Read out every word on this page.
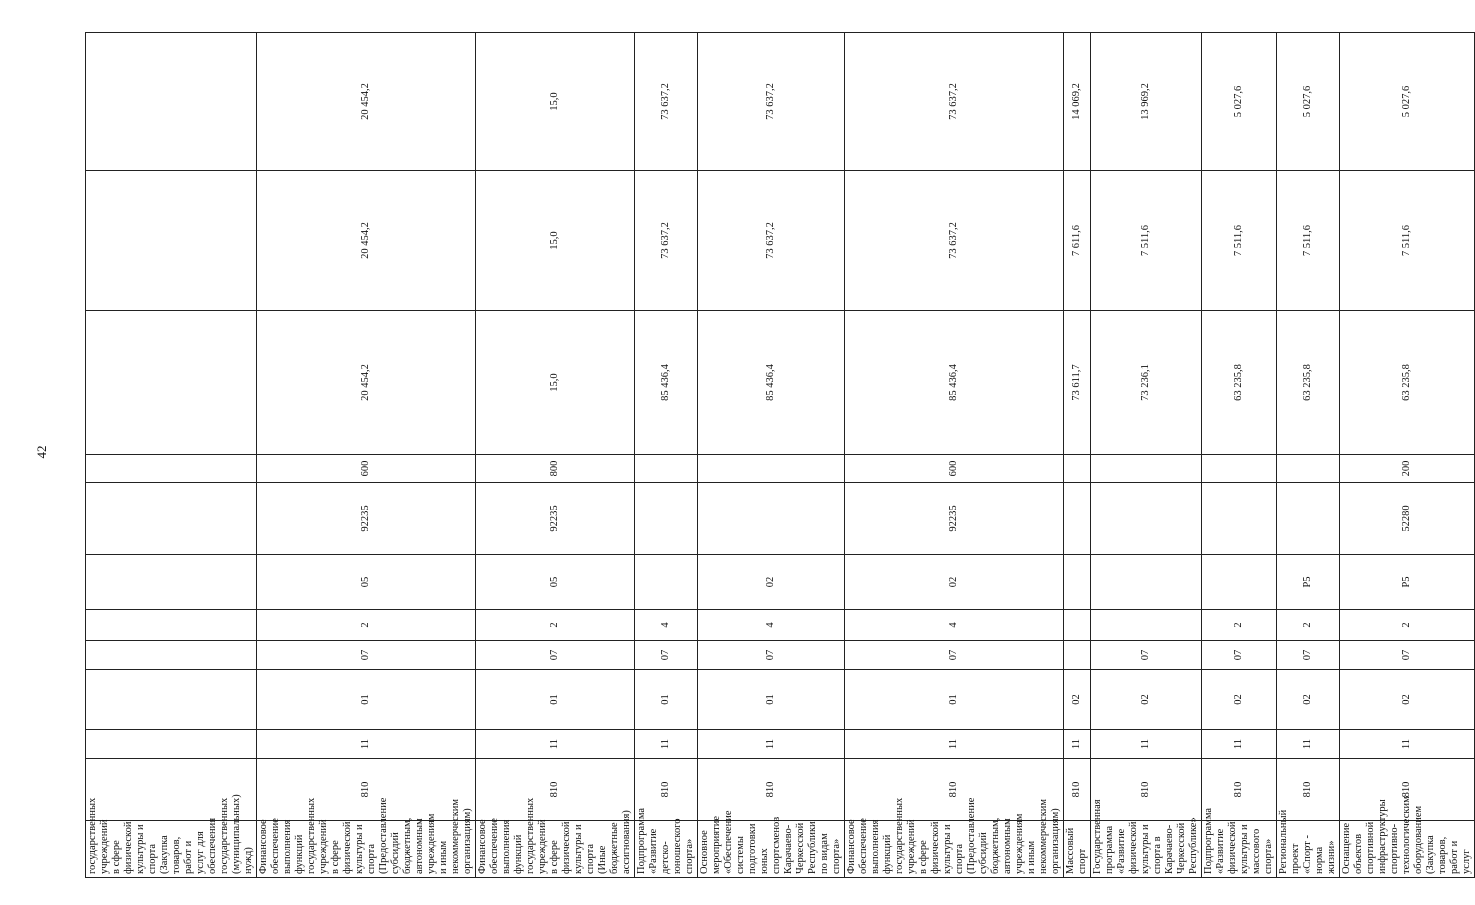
42
государственных учреждений в сфере физической культуры и спорта (Закупка товаров, работ и услуг для обеспечения государственных (муниципальных) нужд)											
Финансовое обеспечение выполнения функций государственных учреждений в сфере физической культуры и спорта (Предоставление субсидий бюджетным, автономным учреждениям и иным некоммерческим организациям)	810	11	01	07	2	05	92235	600	20 454,2	20 454,2	20 454,2
Финансовое обеспечение выполнения функций государственных учреждений в сфере физической культуры и спорта (Иные бюджетные ассигнования)	810	11	01	07	2	05	92235	800	15,0	15,0	15,0
Подпрограмма «Развитие детско-юношеского спорта»	810	11	01	07	4				85 436,4	73 637,2	73 637,2
Основное мероприятие «Обеспечение системы подготовки юных спортсменов Карачаево-Черкесской Республики по видам спорта»	810	11	01	07	4	02			85 436,4	73 637,2	73 637,2
Финансовое обеспечение выполнения функций государственных учреждений в сфере физической культуры и спорта (Предоставление субсидий бюджетным, автономным учреждениям и иным некоммерческим организациям)	810	11	01	07	4	02	92235	600	85 436,4	73 637,2	73 637,2
Массовый спорт	810	11	02						73 611,7	7 611,6	14 069,2
Государственная программа «Развитие физической культуры и спорта в Карачаево-Черкесской Республике»	810	11	02	07					73 236,1	7 511,6	13 969,2
Подпрограмма «Развитие физической культуры и массового спорта»	810	11	02	07	2				63 235,8	7 511,6	5 027,6
Региональный проект «Спорт - норма жизни»	810	11	02	07	2	P5			63 235,8	7 511,6	5 027,6
Оснащение объектов спортивной инфраструктуры спортивно-технологическим оборудованием (Закупка товаров, работ и услуг	810	11	02	07	2	P5	52280	200	63 235,8	7 511,6	5 027,6
